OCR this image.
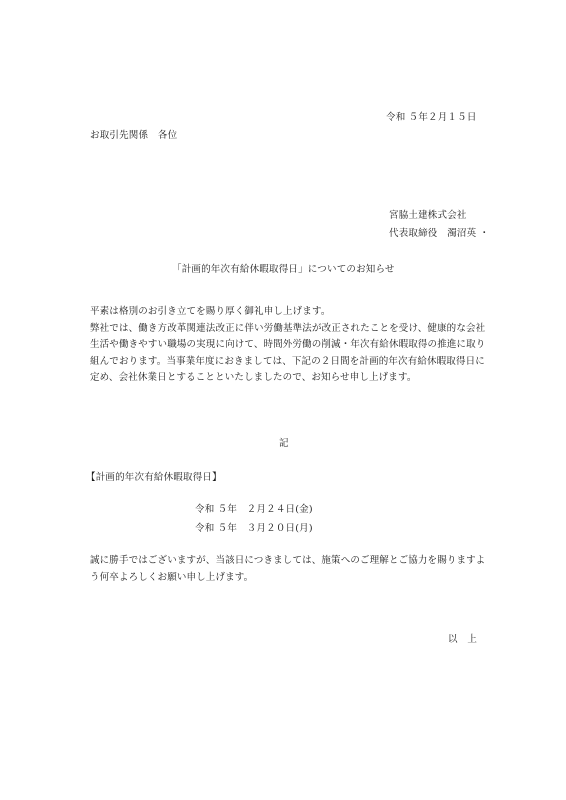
令和 ５年２月１５日
お取引先関係　各位
宮脇土建株式会社
代表取締役　濁沼英 ・
「計画的年次有給休暇取得日」についてのお知らせ
平素は格別のお引き立てを賜り厚く御礼申し上げます。
弊社では、働き方改革関連法改正に伴い労働基準法が改正されたことを受け、健康的な会社
生活や働きやすい職場の実現に向けて、時間外労働の削減・年次有給休暇取得の推進に取り
組んでおります。当事業年度におきましては、下記の２日間を計画的年次有給休暇取得日に
定め、会社休業日とすることといたしましたので、お知らせ申し上げます。
記
【計画的年次有給休暇取得日】
令和 ５年　２月２４日(金)
令和 ５年　３月２０日(月)
誠に勝手ではございますが、当該日につきましては、施策へのご理解とご協力を賜りますよ
う何卒よろしくお願い申し上げます。
以　上
